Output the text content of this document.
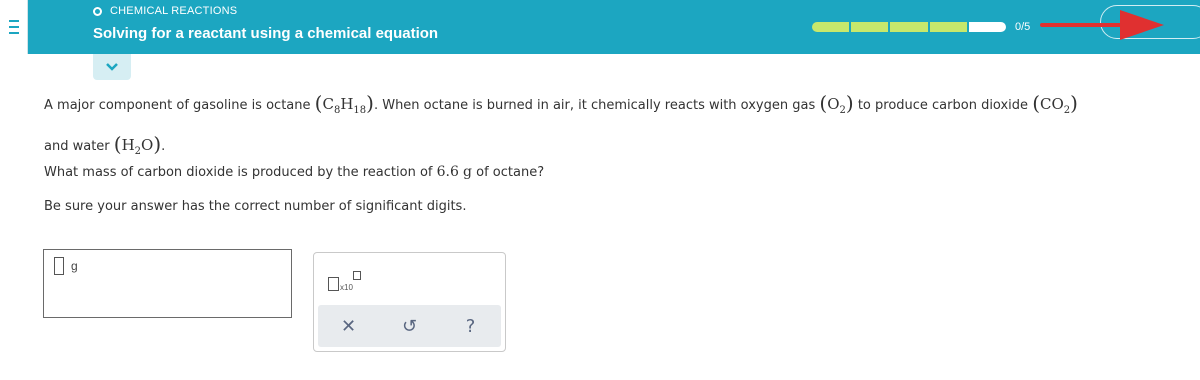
CHEMICAL REACTIONS
Solving for a reactant using a chemical equation	0/5
A major component of gasoline is octane $(C_8H_{18})$. When octane is burned in air, it chemically reacts with oxygen gas $(O_2)$ to produce carbon dioxide $(CO_2)$
and water $(H_2O)$.
What mass of carbon dioxide is produced by the reaction of 6.6 g of octane?
Be sure your answer has the correct number of significant digits.
g
x10
✕	↺	?
